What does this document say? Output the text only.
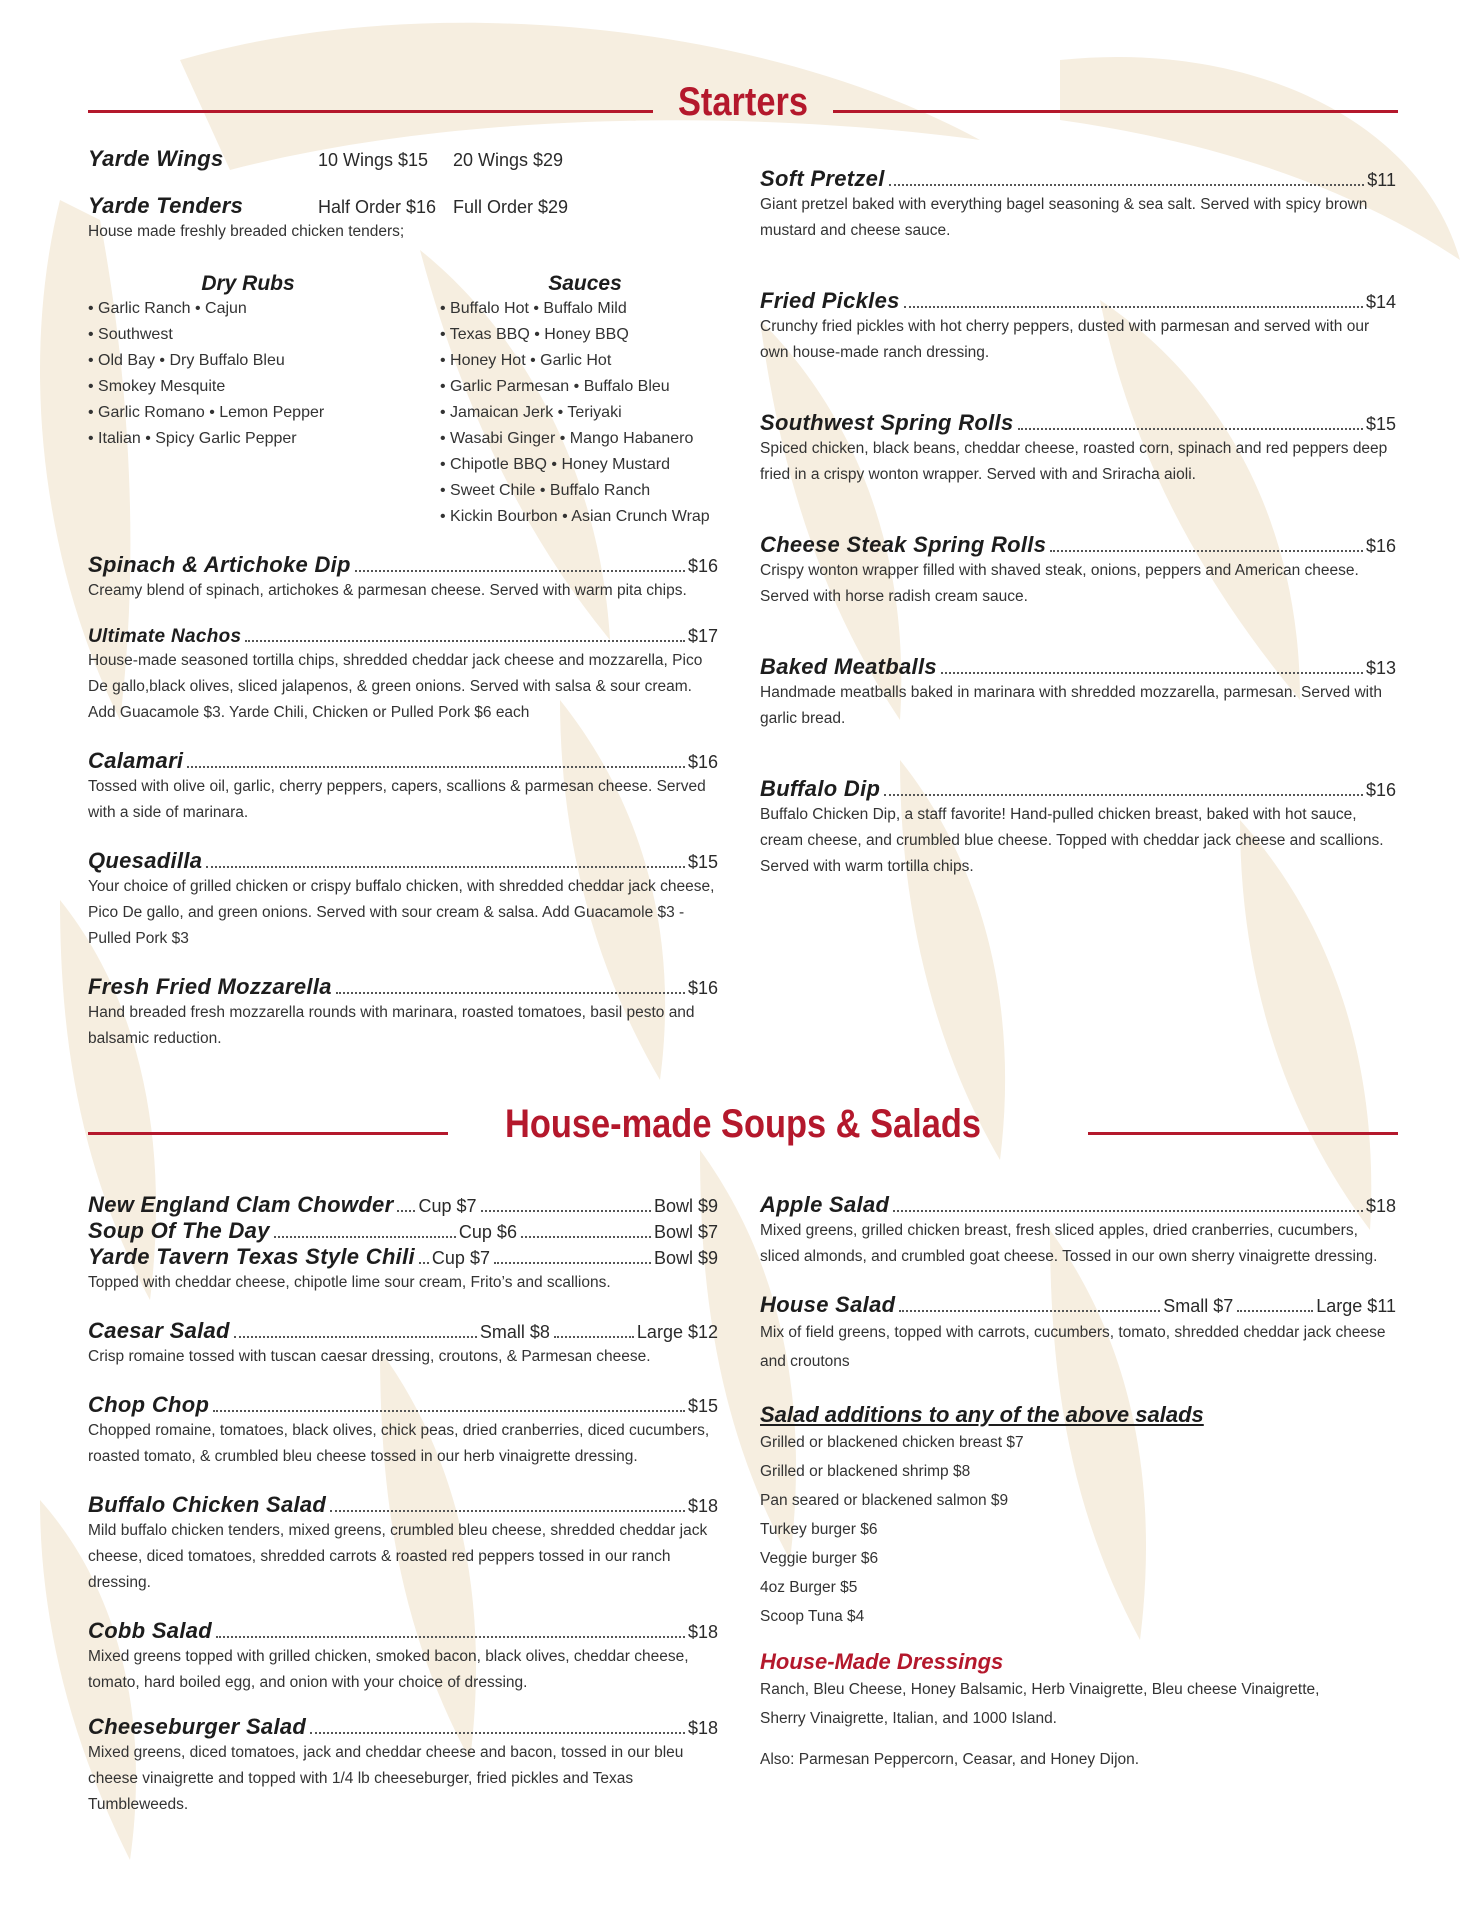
Starters
Yarde Wings	10 Wings $15	20 Wings $29
Yarde Tenders	Half Order $16 Full Order $29
House made freshly breaded chicken tenders;
Dry Rubs
• Garlic Ranch • Cajun
• Southwest
• Old Bay • Dry Buffalo Bleu
• Smokey Mesquite
• Garlic Romano • Lemon Pepper
• Italian • Spicy Garlic Pepper
Sauces
• Buffalo Hot • Buffalo Mild
• Texas BBQ • Honey BBQ
• Honey Hot • Garlic Hot
• Garlic Parmesan • Buffalo Bleu
• Jamaican Jerk • Teriyaki
• Wasabi Ginger • Mango Habanero
• Chipotle BBQ • Honey Mustard
• Sweet Chile • Buffalo Ranch
• Kickin Bourbon • Asian Crunch Wrap
Spinach & Artichoke Dip	$16
Creamy blend of spinach, artichokes & parmesan cheese. Served with warm pita chips.
Ultimate Nachos	$17
House-made seasoned tortilla chips, shredded cheddar jack cheese and mozzarella, Pico De gallo,black olives, sliced jalapenos, & green onions. Served with salsa & sour cream. Add Guacamole $3. Yarde Chili, Chicken or Pulled Pork $6 each
Calamari	$16
Tossed with olive oil, garlic, cherry peppers, capers, scallions & parmesan cheese. Served with a side of marinara.
Quesadilla	$15
Your choice of grilled chicken or crispy buffalo chicken, with shredded cheddar jack cheese, Pico De gallo, and green onions. Served with sour cream & salsa. Add Guacamole $3 - Pulled Pork $3
Fresh Fried Mozzarella	$16
Hand breaded fresh mozzarella rounds with marinara, roasted tomatoes, basil pesto and balsamic reduction.
Soft Pretzel	$11
Giant pretzel baked with everything bagel seasoning & sea salt. Served with spicy brown mustard and cheese sauce.
Fried Pickles	$14
Crunchy fried pickles with hot cherry peppers, dusted with parmesan and served with our own house-made ranch dressing.
Southwest Spring Rolls	$15
Spiced chicken, black beans, cheddar cheese, roasted corn, spinach and red peppers deep fried in a crispy wonton wrapper. Served with and Sriracha aioli.
Cheese Steak Spring Rolls	$16
Crispy wonton wrapper filled with shaved steak, onions, peppers and American cheese. Served with horse radish cream sauce.
Baked Meatballs	$13
Handmade meatballs baked in marinara with shredded mozzarella, parmesan. Served with garlic bread.
Buffalo Dip	$16
Buffalo Chicken Dip, a staff favorite! Hand-pulled chicken breast, baked with hot sauce, cream cheese, and crumbled blue cheese. Topped with cheddar jack cheese and scallions. Served with warm tortilla chips.
House-made Soups & Salads
New England Clam Chowder Cup $7	Bowl $9
Soup Of The Day	Cup $6	Bowl $7
Yarde Tavern Texas Style Chili Cup $7	Bowl $9
Topped with cheddar cheese, chipotle lime sour cream, Frito’s and scallions.
Caesar Salad	Small $8	Large $12
Crisp romaine tossed with tuscan caesar dressing, croutons, & Parmesan cheese.
Chop Chop	$15
Chopped romaine, tomatoes, black olives, chick peas, dried cranberries, diced cucumbers, roasted tomato, & crumbled bleu cheese tossed in our herb vinaigrette dressing.
Buffalo Chicken Salad	$18
Mild buffalo chicken tenders, mixed greens, crumbled bleu cheese, shredded cheddar jack cheese, diced tomatoes, shredded carrots & roasted red peppers tossed in our ranch dressing.
Cobb Salad	$18
Mixed greens topped with grilled chicken, smoked bacon, black olives, cheddar cheese, tomato, hard boiled egg, and onion with your choice of dressing.
Cheeseburger Salad	$18
Mixed greens, diced tomatoes, jack and cheddar cheese and bacon, tossed in our bleu cheese vinaigrette and topped with 1/4 lb cheeseburger, fried pickles and Texas Tumbleweeds.
Apple Salad	$18
Mixed greens, grilled chicken breast, fresh sliced apples, dried cranberries, cucumbers, sliced almonds, and crumbled goat cheese. Tossed in our own sherry vinaigrette dressing.
House Salad	Small $7	Large $11
Mix of field greens, topped with carrots, cucumbers, tomato, shredded cheddar jack cheese and croutons
Salad additions to any of the above salads
Grilled or blackened chicken breast $7
Grilled or blackened shrimp $8
Pan seared or blackened salmon $9
Turkey burger $6
Veggie burger $6
4oz Burger $5
Scoop Tuna $4
House-Made Dressings
Ranch, Bleu Cheese, Honey Balsamic, Herb Vinaigrette, Bleu cheese Vinaigrette, Sherry Vinaigrette, Italian, and 1000 Island.
Also: Parmesan Peppercorn, Ceasar, and Honey Dijon.
